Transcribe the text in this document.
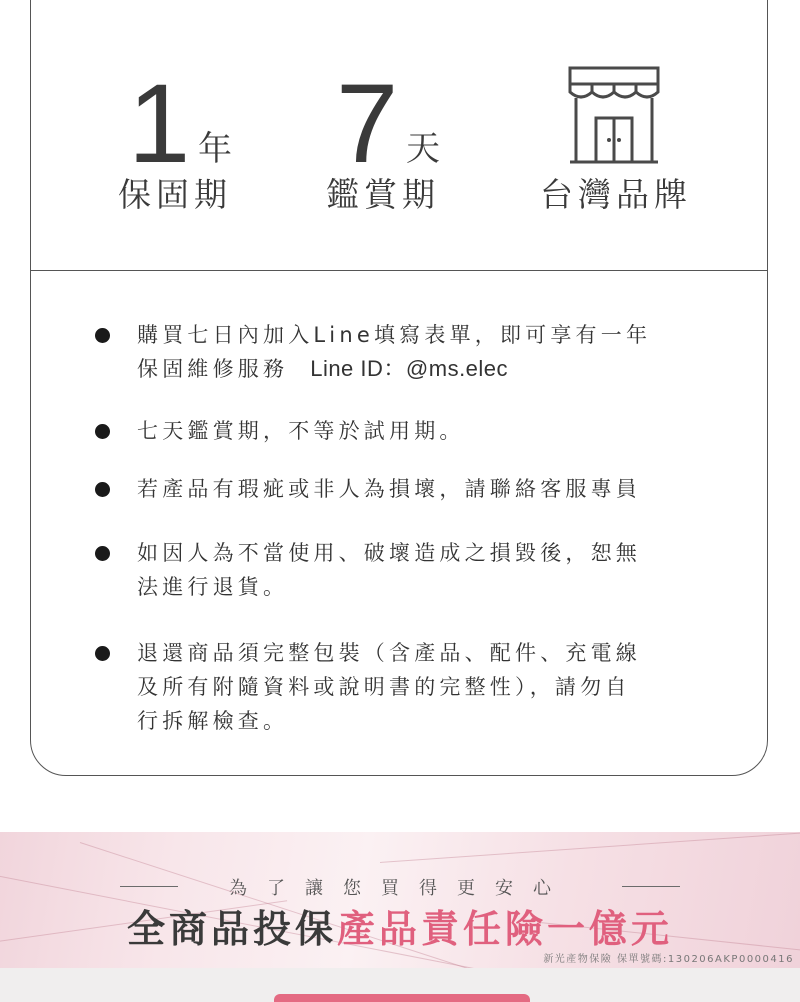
1 年
保固期
7 天
鑑賞期	台灣品牌
購買七日內加入Line填寫表單，即可享有一年
保固維修服務 Line ID：@ms.elec
七天鑑賞期，不等於試用期。
若產品有瑕疵或非人為損壞，請聯絡客服專員
如因人為不當使用、破壞造成之損毀後，恕無
法進行退貨。
退還商品須完整包裝（含產品、配件、充電線
及所有附隨資料或說明書的完整性），請勿自
行拆解檢查。
為了讓您買得更安心
全商品投保產品責任險一億元
新光產物保險 保單號碼:130206AKP0000416
